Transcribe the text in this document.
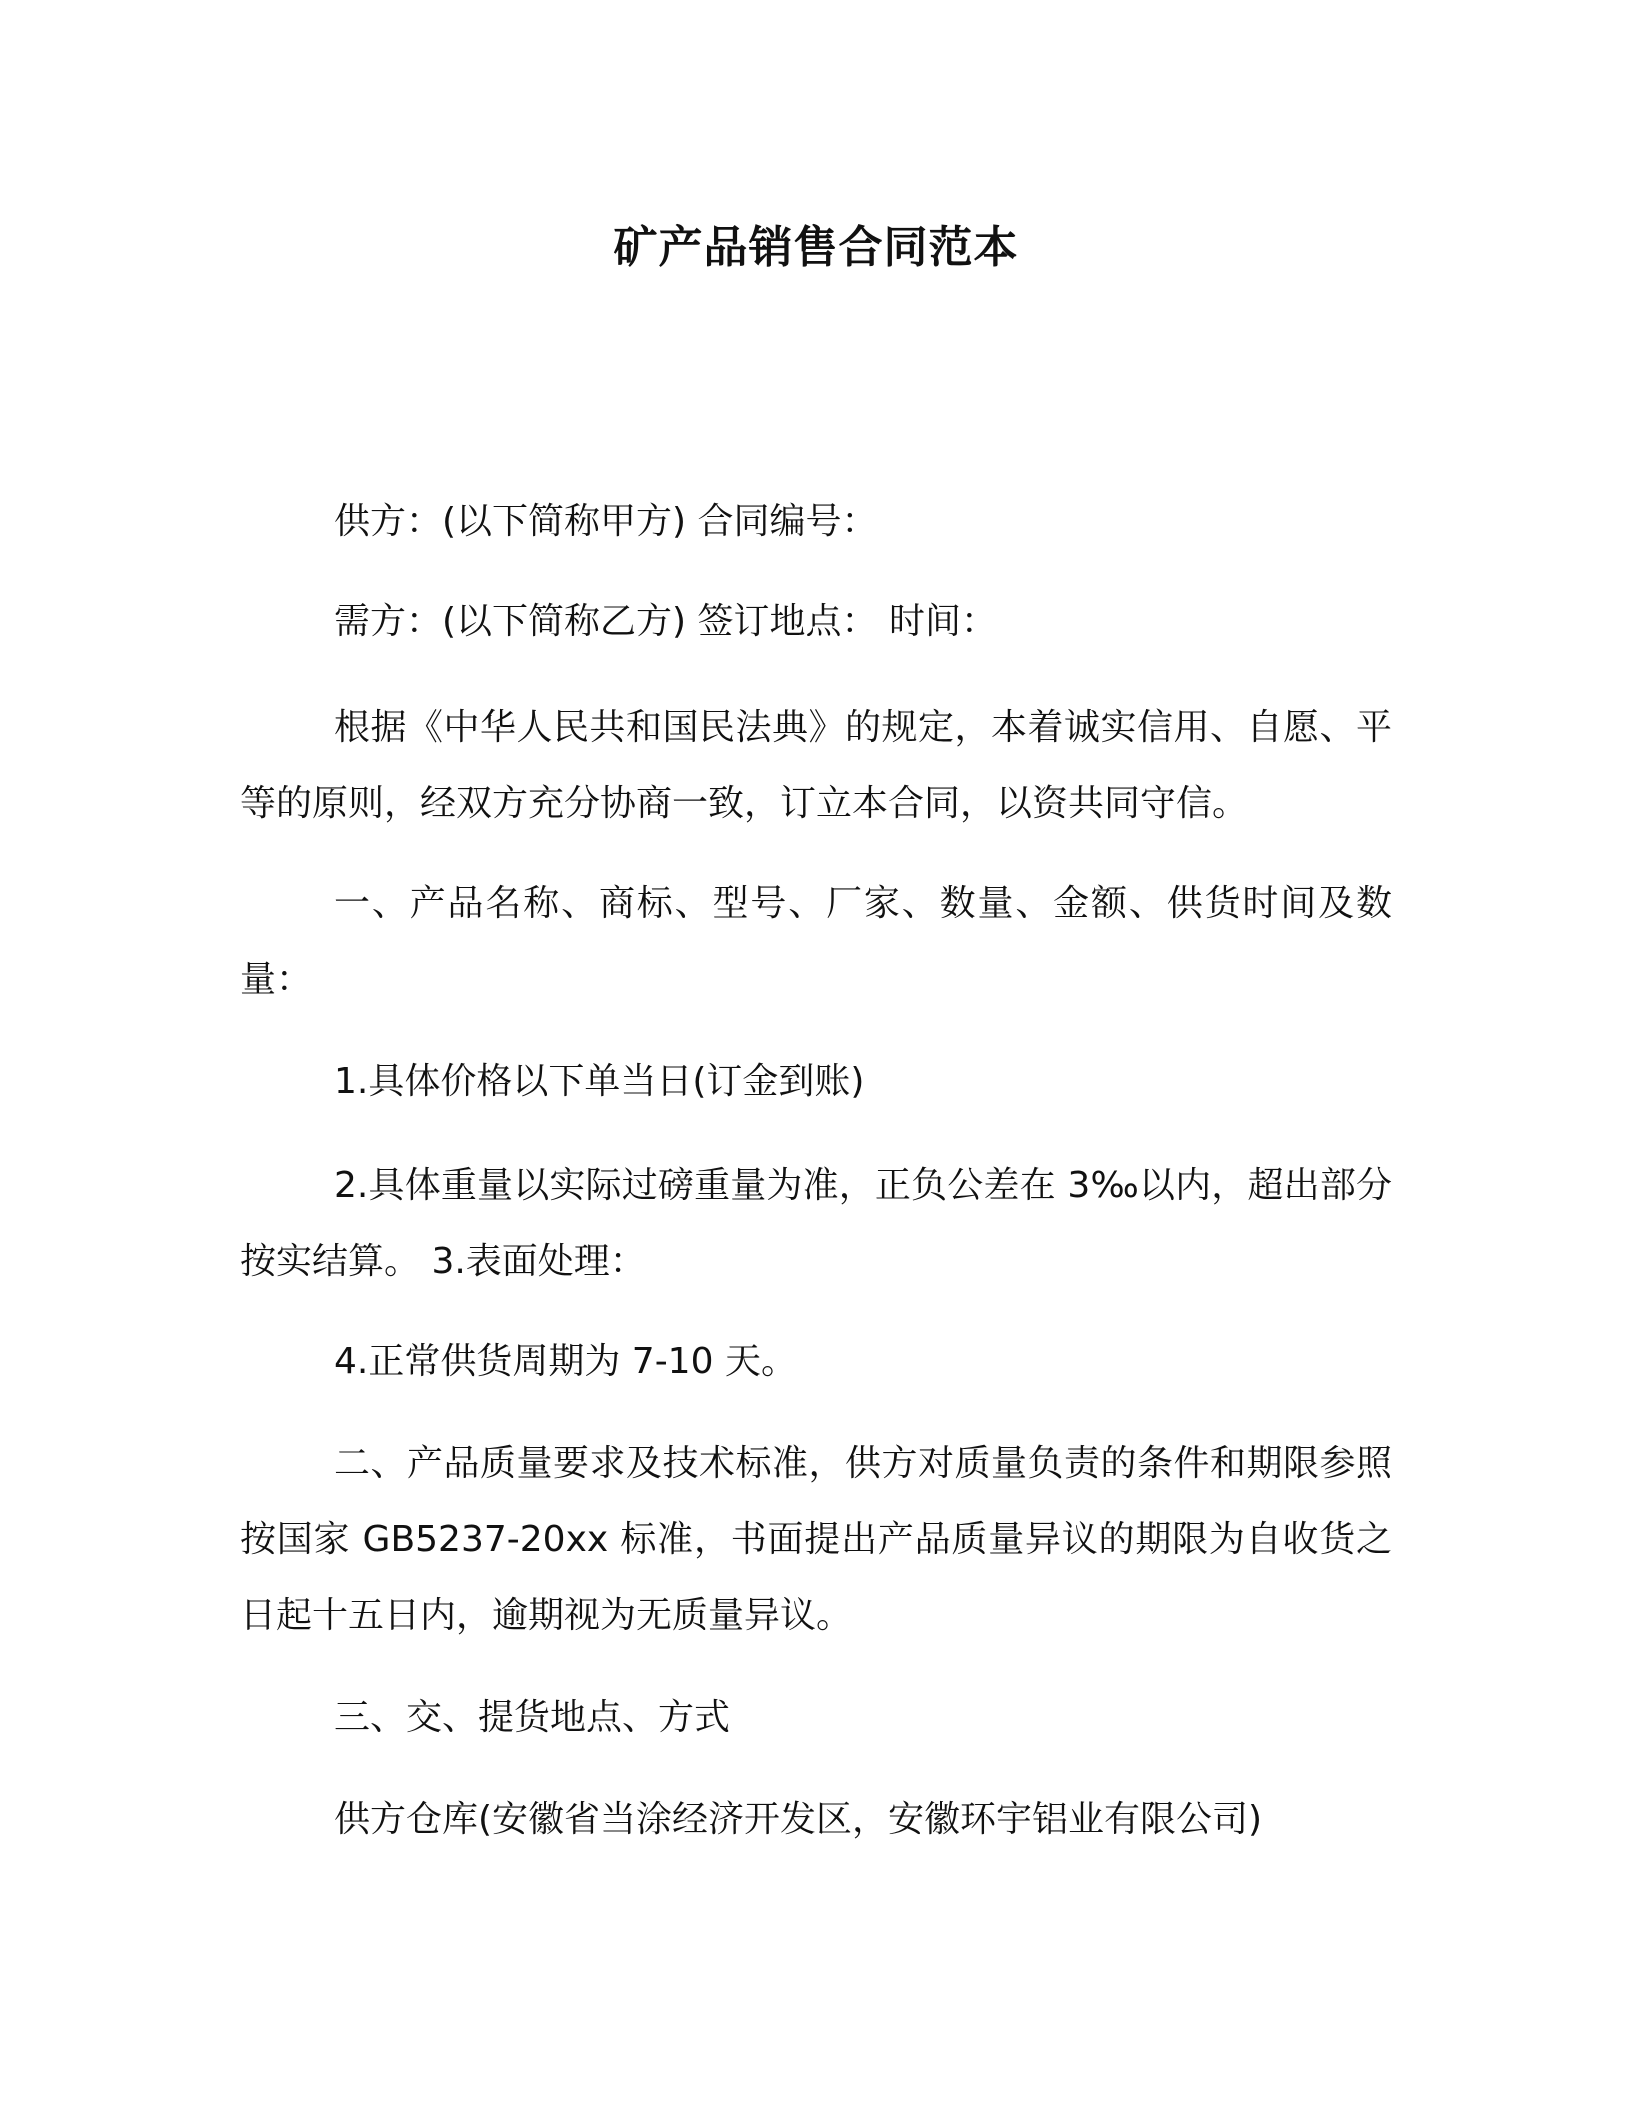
矿产品销售合同范本

供方：(以下简称甲方) 合同编号：

需方：(以下简称乙方) 签订地点： 时间：

根据《中华人民共和国民法典》的规定，本着诚实信用、自愿、平等的原则，经双方充分协商一致，订立本合同，以资共同守信。

一、产品名称、商标、型号、厂家、数量、金额、供货时间及数量：

1.具体价格以下单当日(订金到账)

2.具体重量以实际过磅重量为准，正负公差在 3‰以内，超出部分按实结算。 3.表面处理：

4.正常供货周期为 7-10 天。

二、产品质量要求及技术标准，供方对质量负责的条件和期限参照按国家 GB5237-20xx 标准，书面提出产品质量异议的期限为自收货之日起十五日内，逾期视为无质量异议。

三、交、提货地点、方式

供方仓库(安徽省当涂经济开发区，安徽环宇铝业有限公司)
